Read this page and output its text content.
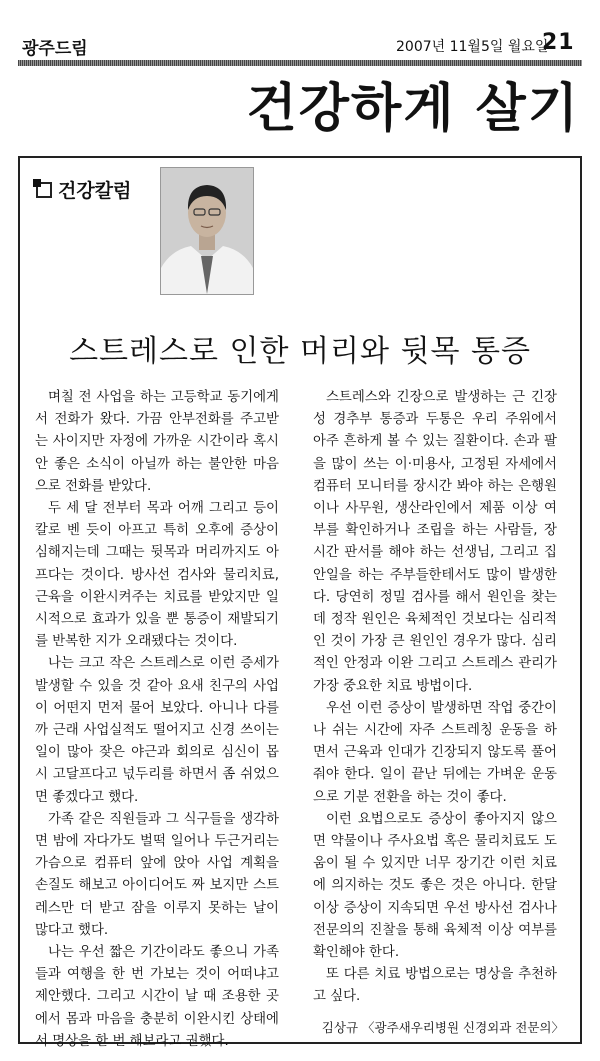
광주드림	2007년 11월5일 월요일
21
건강하게 살기
건강칼럼
스트레스로 인한 머리와 뒷목 통증

며칠 전 사업을 하는 고등학교 동기에게서 전화가 왔다. 가끔 안부전화를 주고받는 사이지만 자정에 가까운 시간이라 혹시 안 좋은 소식이 아닐까 하는 불안한 마음으로 전화를 받았다.

두 세 달 전부터 목과 어깨 그리고 등이 칼로 벤 듯이 아프고 특히 오후에 증상이 심해지는데 그때는 뒷목과 머리까지도 아프다는 것이다. 방사선 검사와 물리치료, 근육을 이완시켜주는 치료를 받았지만 일시적으로 효과가 있을 뿐 통증이 재발되기를 반복한 지가 오래됐다는 것이다.

나는 크고 작은 스트레스로 이런 증세가 발생할 수 있을 것 같아 요새 친구의 사업이 어떤지 먼저 물어 보았다. 아니나 다를까 근래 사업실적도 떨어지고 신경 쓰이는 일이 많아 잦은 야근과 회의로 심신이 몹시 고달프다고 넋두리를 하면서 좀 쉬었으면 좋겠다고 했다.

가족 같은 직원들과 그 식구들을 생각하면 밤에 자다가도 벌떡 일어나 두근거리는 가슴으로 컴퓨터 앞에 앉아 사업 계획을 손질도 해보고 아이디어도 짜 보지만 스트레스만 더 받고 잠을 이루지 못하는 날이 많다고 했다.

나는 우선 짧은 기간이라도 좋으니 가족들과 여행을 한 번 가보는 것이 어떠냐고 제안했다. 그리고 시간이 날 때 조용한 곳에서 몸과 마음을 충분히 이완시킨 상태에서 명상을 한 번 해보라고 권했다.

스트레스와 긴장으로 발생하는 근 긴장성 경추부 통증과 두통은 우리 주위에서 아주 흔하게 볼 수 있는 질환이다. 손과 팔을 많이 쓰는 이·미용사, 고정된 자세에서 컴퓨터 모니터를 장시간 봐야 하는 은행원이나 사무원, 생산라인에서 제품 이상 여부를 확인하거나 조립을 하는 사람들, 장시간 판서를 해야 하는 선생님, 그리고 집안일을 하는 주부들한테서도 많이 발생한다. 당연히 정밀 검사를 해서 원인을 찾는데 정작 원인은 육체적인 것보다는 심리적인 것이 가장 큰 원인인 경우가 많다. 심리적인 안정과 이완 그리고 스트레스 관리가 가장 중요한 치료 방법이다.

우선 이런 증상이 발생하면 작업 중간이나 쉬는 시간에 자주 스트레칭 운동을 하면서 근육과 인대가 긴장되지 않도록 풀어줘야 한다. 일이 끝난 뒤에는 가벼운 운동으로 기분 전환을 하는 것이 좋다.

이런 요법으로도 증상이 좋아지지 않으면 약물이나 주사요법 혹은 물리치료도 도움이 될 수 있지만 너무 장기간 이런 치료에 의지하는 것도 좋은 것은 아니다. 한달 이상 증상이 지속되면 우선 방사선 검사나 전문의의 진찰을 통해 육체적 이상 여부를 확인해야 한다.

또 다른 치료 방법으로는 명상을 추천하고 싶다.

김상규 〈광주새우리병원 신경외과 전문의〉
